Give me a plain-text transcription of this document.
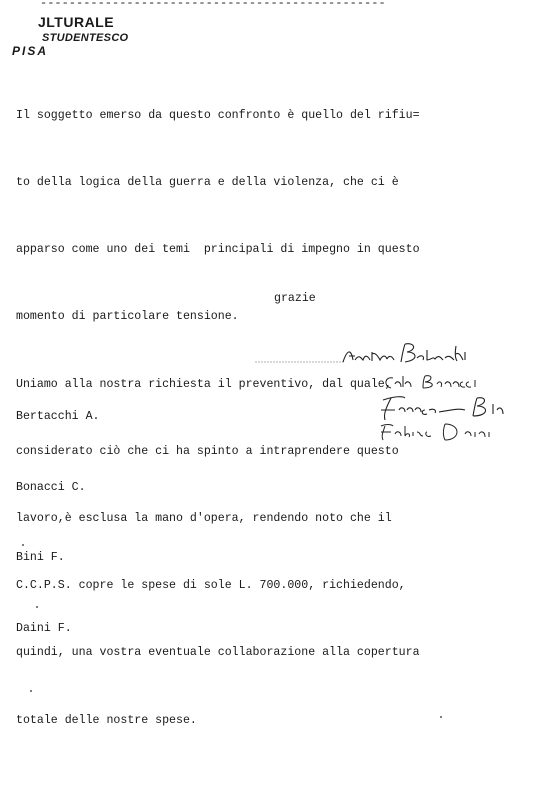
------------------------------------------------
JLTURALE
STUDENTESCO
PISA

Il soggetto emerso da questo confronto è quello del rifiu=

to della logica della guerra e della violenza, che ci è

apparso come uno dei temi  principali di impegno in questo

momento di particolare tensione.

Uniamo alla nostra richiesta il preventivo, dal quale,

considerato ciò che ci ha spinto a intraprendere questo

lavoro,è esclusa la mano d'opera, rendendo noto che il

C.C.P.S. copre le spese di sole L. 700.000, richiedendo,

quindi, una vostra eventuale collaborazione alla copertura

totale delle nostre spese.

grazie

Bertacchi A.

Bonacci C.

Bini F.

Daini F.
